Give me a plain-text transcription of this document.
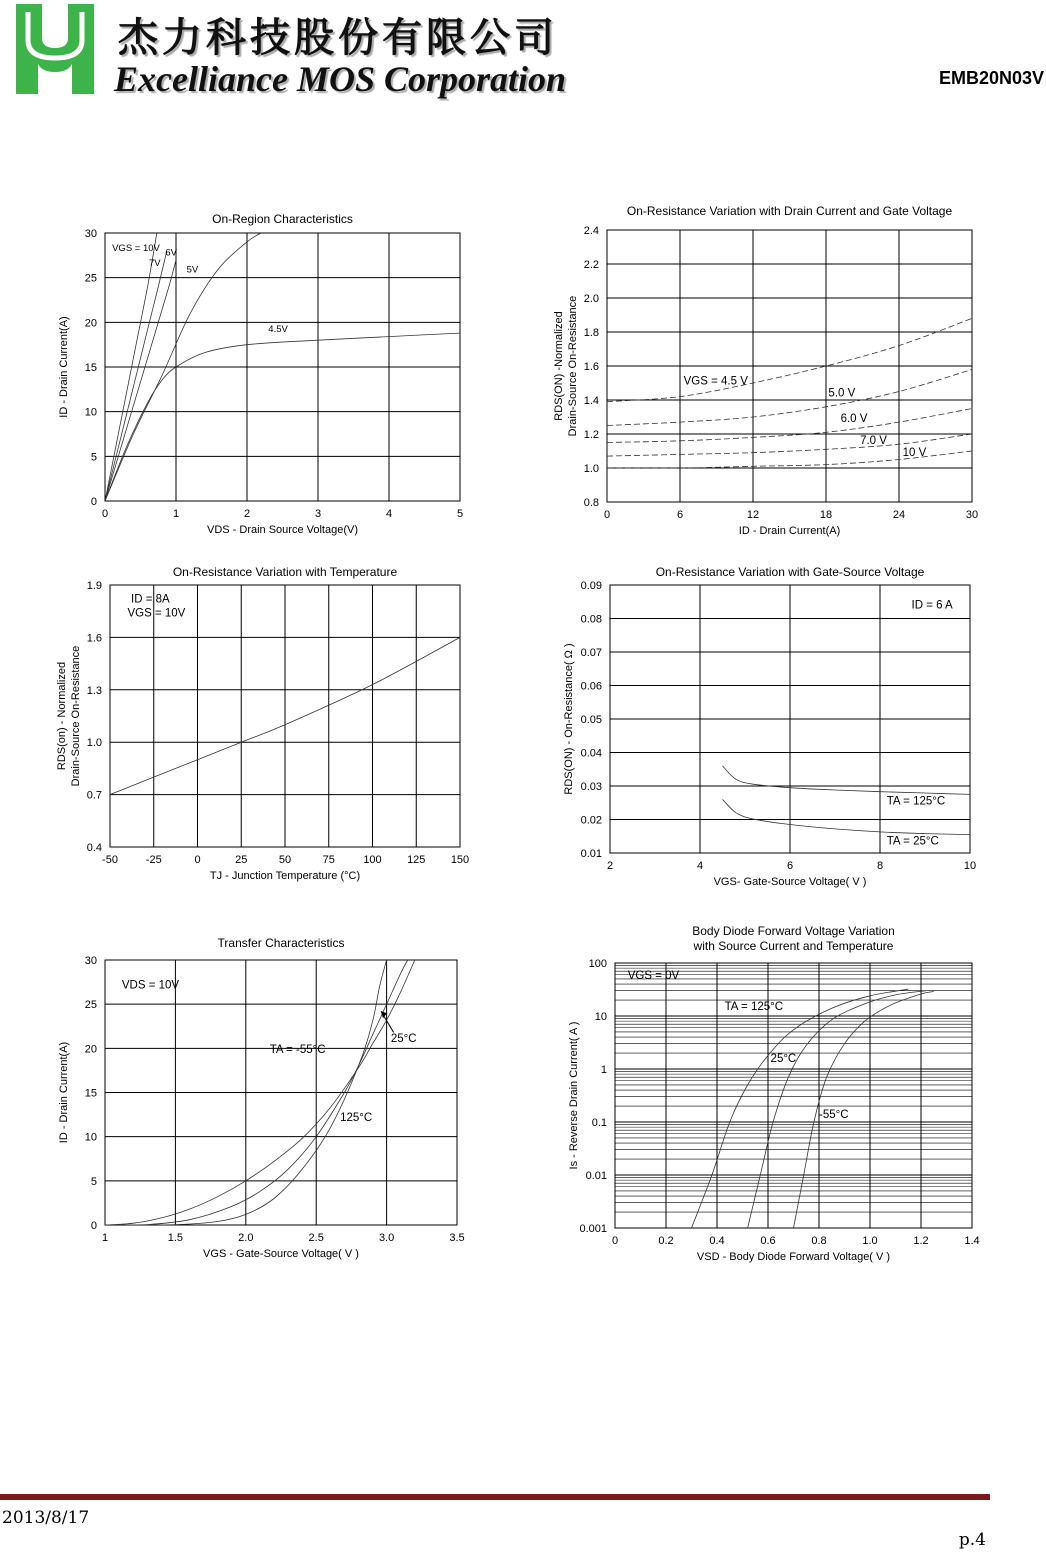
杰力科技股份有限公司
Excelliance MOS Corporation	EMB20N03V
On-Region Characteristics
0
5
10
15
20
25
30
0	1	2	3	4	5
VDS - Drain Source Voltage(V)
ID - Drain Current(A)
VGS = 10V
7V
6V
5V
4.5V
On-Resistance Variation with Drain Current and Gate Voltage
0.8
1.0
1.2
1.4
1.6
1.8
2.0
2.2
2.4
0	6	12	18	24	30
ID - Drain Current(A)
RDS(ON) -Normalized Drain-Source On-Resistance	VGS = 4.5 V
5.0 V
6.0 V
7.0 V
10 V
On-Resistance Variation with Temperature
0.4
0.7
1.0
1.3
1.6
1.9
-50	-25	0	25	50	75	100 125 150
TJ - Junction Temperature (°C)
RDS(on) - Normalized Drain-Source On-Resistance
ID = 8A
VGS = 10V
On-Resistance Variation with Gate-Source Voltage
0.01
0.02
0.03
0.04
0.05
0.06
0.07
0.08
0.09
2	4	6	8	10
VGS- Gate-Source Voltage( V )
RDS(ON) - On-Resistance( Ω )
ID = 6 A
TA = 125°C
TA = 25°C
Transfer Characteristics
0
5
10
15
20
25
30
1	1.5	2.0	2.5	3.0	3.5
VGS - Gate-Source Voltage( V )
ID - Drain Current(A)
VDS = 10V
TA = -55°C
25°C
125°C
Body Diode Forward Voltage Variation with Source Current and Temperature
0.001
0.01
0.1
1
10
100
0	0.2	0.4	0.6	0.8	1.0	1.2	1.4
VSD - Body Diode Forward Voltage( V )
Is - Reverse Drain Current( A )
VGS = 0V
TA = 125°C
25°C
-55°C
2013/8/17
p.4
